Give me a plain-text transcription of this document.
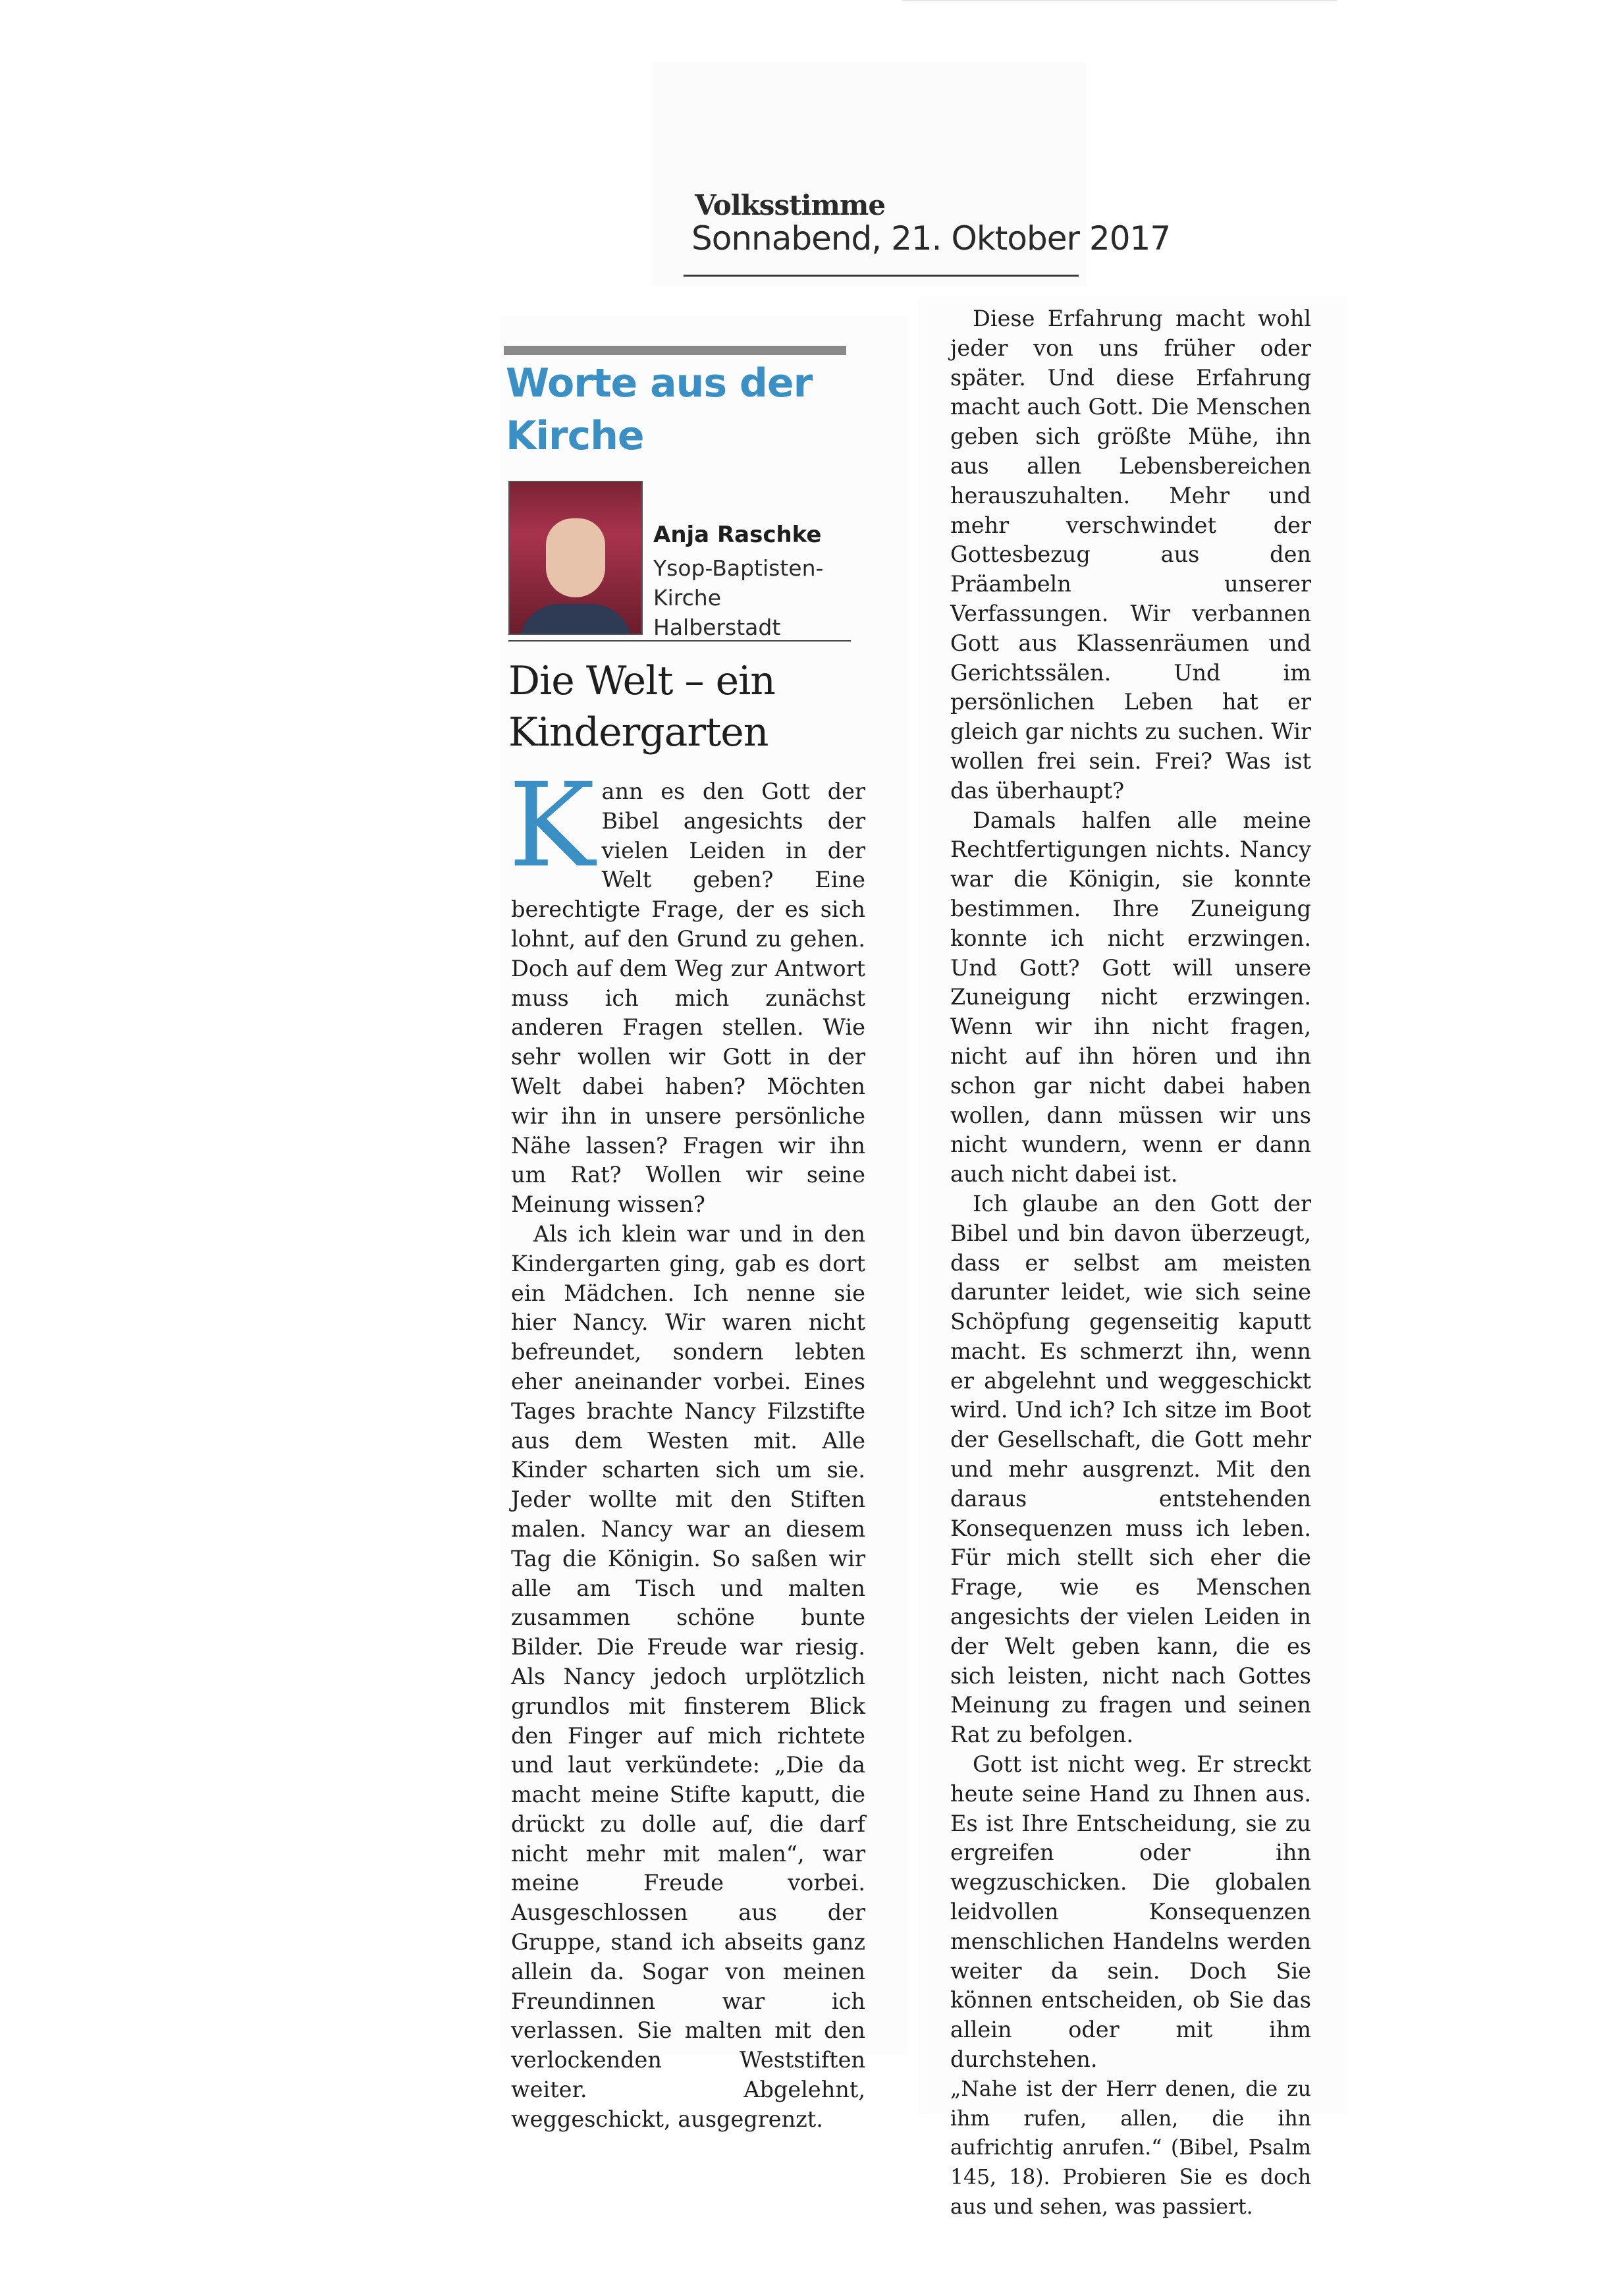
Volksstimme
Sonnabend, 21. Oktober 2017
Worte aus der
Kirche
Anja Raschke
Ysop-Baptisten-
Kirche Halberstadt
Die Welt – ein
Kindergarten
K ann es den Gott der Bibel angesichts der vielen Leiden in der Welt geben? Eine berechtigte Frage, der es sich lohnt, auf den Grund zu gehen. Doch auf dem Weg zur Antwort muss ich mich zunächst anderen Fragen stellen. Wie sehr wollen wir Gott in der Welt dabei haben? Möchten wir ihn in unsere persönliche Nähe lassen? Fragen wir ihn um Rat? Wollen wir seine Meinung wissen?

Als ich klein war und in den Kindergarten ging, gab es dort ein Mädchen. Ich nenne sie hier Nancy. Wir waren nicht befreundet, sondern lebten eher aneinander vorbei. Eines Tages brachte Nancy Filzstifte aus dem Westen mit. Alle Kinder scharten sich um sie. Jeder wollte mit den Stiften malen. Nancy war an diesem Tag die Königin. So saßen wir alle am Tisch und malten zusammen schöne bunte Bilder. Die Freude war riesig. Als Nancy jedoch urplötzlich grundlos mit finsterem Blick den Finger auf mich richtete und laut verkündete: „Die da macht meine Stifte kaputt, die drückt zu dolle auf, die darf nicht mehr mit malen“, war meine Freude vorbei. Ausgeschlossen aus der Gruppe, stand ich abseits ganz allein da. Sogar von meinen Freundinnen war ich verlassen. Sie malten mit den verlockenden Weststiften weiter. Abgelehnt, weggeschickt, ausgegrenzt.

Diese Erfahrung macht wohl jeder von uns früher oder später. Und diese Erfahrung macht auch Gott. Die Menschen geben sich größte Mühe, ihn aus allen Lebensbereichen herauszuhalten. Mehr und mehr verschwindet der Gottesbezug aus den Präambeln unserer Verfassungen. Wir verbannen Gott aus Klassenräumen und Gerichtssälen. Und im persönlichen Leben hat er gleich gar nichts zu suchen. Wir wollen frei sein. Frei? Was ist das überhaupt?

Damals halfen alle meine Rechtfertigungen nichts. Nancy war die Königin, sie konnte bestimmen. Ihre Zuneigung konnte ich nicht erzwingen. Und Gott? Gott will unsere Zuneigung nicht erzwingen. Wenn wir ihn nicht fragen, nicht auf ihn hören und ihn schon gar nicht dabei haben wollen, dann müssen wir uns nicht wundern, wenn er dann auch nicht dabei ist.

Ich glaube an den Gott der Bibel und bin davon überzeugt, dass er selbst am meisten darunter leidet, wie sich seine Schöpfung gegenseitig kaputt macht. Es schmerzt ihn, wenn er abgelehnt und weggeschickt wird. Und ich? Ich sitze im Boot der Gesellschaft, die Gott mehr und mehr ausgrenzt. Mit den daraus entstehenden Konsequenzen muss ich leben. Für mich stellt sich eher die Frage, wie es Menschen angesichts der vielen Leiden in der Welt geben kann, die es sich leisten, nicht nach Gottes Meinung zu fragen und seinen Rat zu befolgen.

Gott ist nicht weg. Er streckt heute seine Hand zu Ihnen aus. Es ist Ihre Entscheidung, sie zu ergreifen oder ihn wegzuschicken. Die globalen leidvollen Konsequenzen menschlichen Handelns werden weiter da sein. Doch Sie können entscheiden, ob Sie das allein oder mit ihm durchstehen.

„Nahe ist der Herr denen, die zu ihm rufen, allen, die ihn aufrichtig anrufen.“ (Bibel, Psalm 145, 18). Probieren Sie es doch aus und sehen, was passiert.
